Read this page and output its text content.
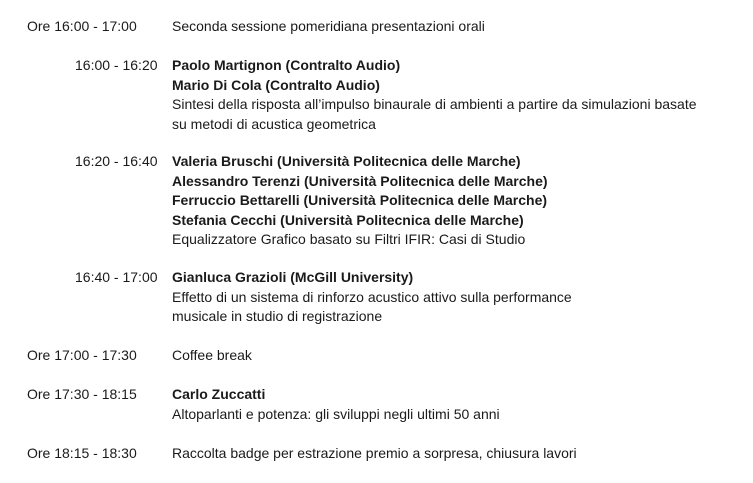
Ore 16:00 - 17:00	Seconda sessione pomeridiana presentazioni orali
16:00 - 16:20 Paolo Martignon (Contralto Audio)
Mario Di Cola (Contralto Audio)
Sintesi della risposta all’impulso binaurale di ambienti a partire da simulazioni basate
su metodi di acustica geometrica
16:20 - 16:40 Valeria Bruschi (Università Politecnica delle Marche)
Alessandro Terenzi (Università Politecnica delle Marche)
Ferruccio Bettarelli (Università Politecnica delle Marche)
Stefania Cecchi (Università Politecnica delle Marche)
Equalizzatore Grafico basato su Filtri IFIR: Casi di Studio
16:40 - 17:00 Gianluca Grazioli (McGill University)
Effetto di un sistema di rinforzo acustico attivo sulla performance
musicale in studio di registrazione
Ore 17:00 - 17:30	Coffee break
Ore 17:30 - 18:15	Carlo Zuccatti
Altoparlanti e potenza: gli sviluppi negli ultimi 50 anni
Ore 18:15 - 18:30	Raccolta badge per estrazione premio a sorpresa, chiusura lavori
